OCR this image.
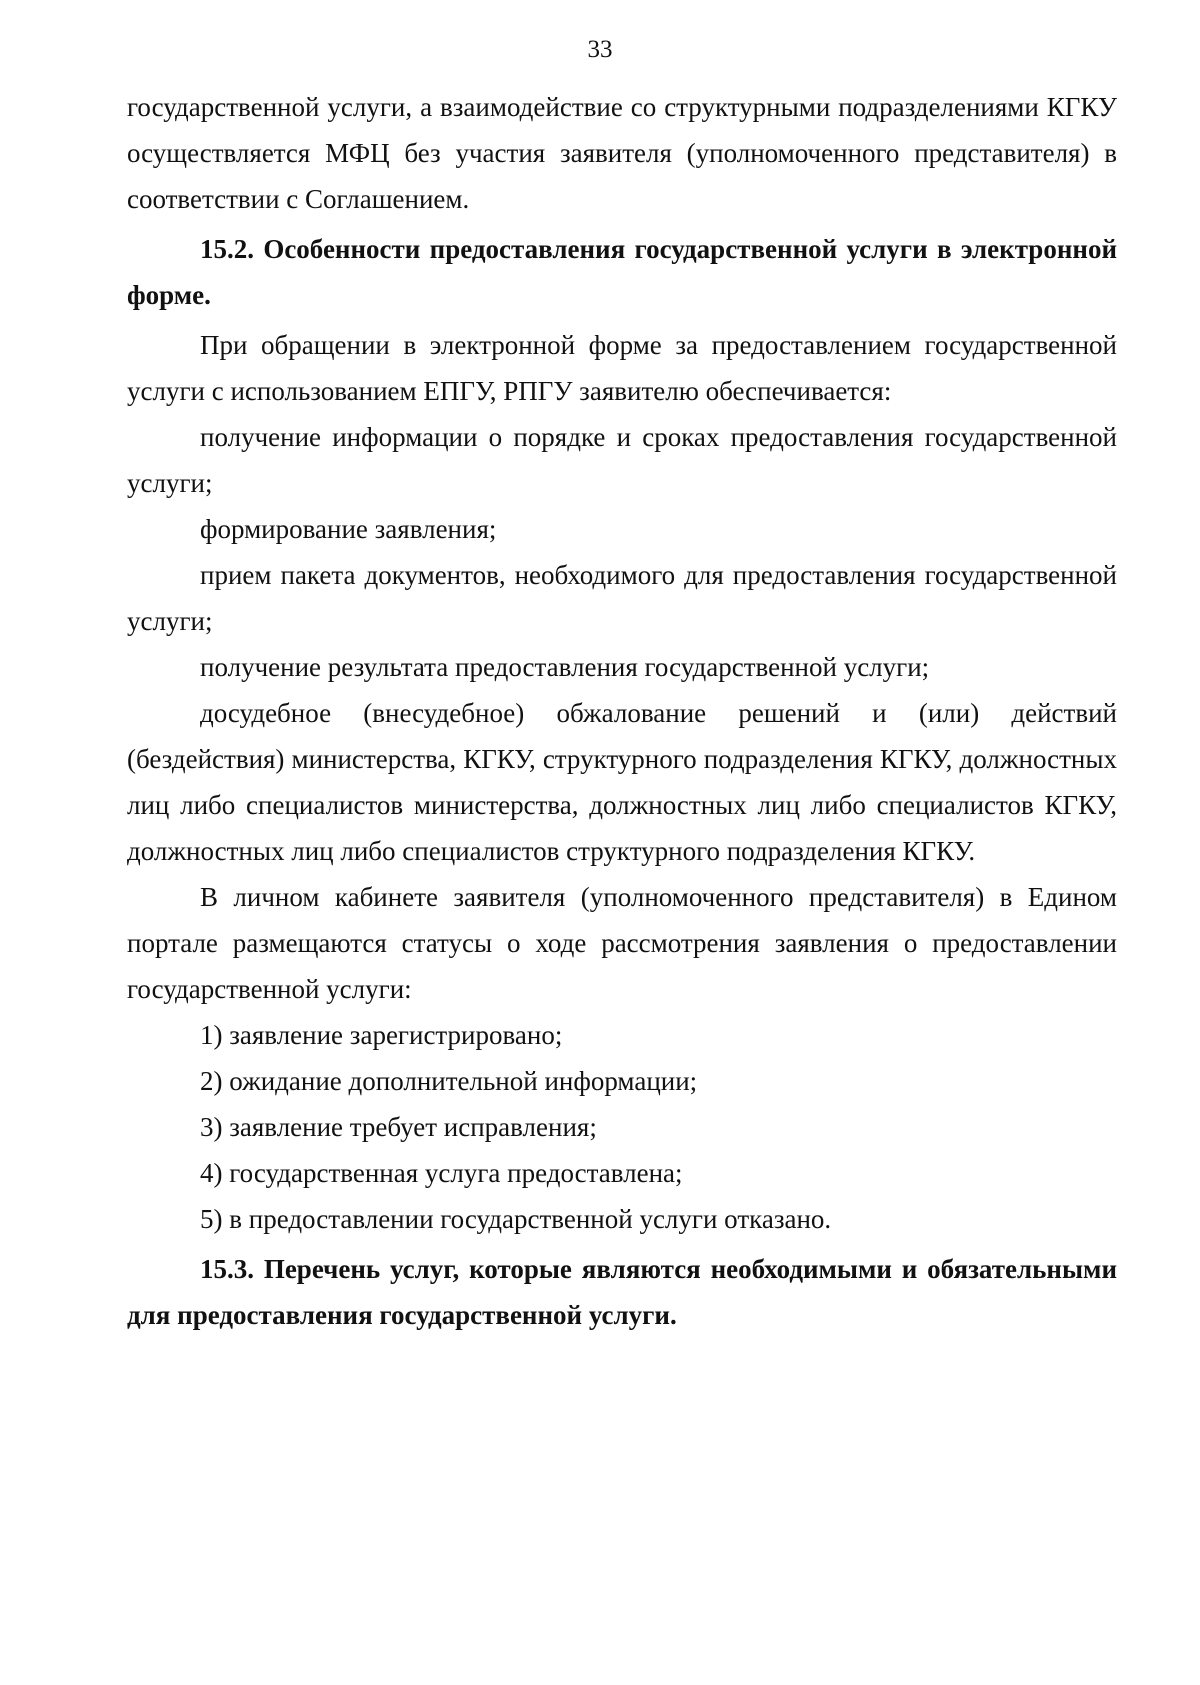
33

государственной услуги, а взаимодействие со структурными подразделениями КГКУ осуществляется МФЦ без участия заявителя (уполномоченного представителя) в соответствии с Соглашением.

15.2. Особенности предоставления государственной услуги в электронной форме.

При обращении в электронной форме за предоставлением государственной услуги с использованием ЕПГУ, РПГУ заявителю обеспечивается:

получение информации о порядке и сроках предоставления государственной услуги;

формирование заявления;

прием пакета документов, необходимого для предоставления государственной услуги;

получение результата предоставления государственной услуги;

досудебное (внесудебное) обжалование решений и (или) действий (бездействия) министерства, КГКУ, структурного подразделения КГКУ, должностных лиц либо специалистов министерства, должностных лиц либо специалистов КГКУ, должностных лиц либо специалистов структурного подразделения КГКУ.

В личном кабинете заявителя (уполномоченного представителя) в Едином портале размещаются статусы о ходе рассмотрения заявления о предоставлении государственной услуги:

1) заявление зарегистрировано;

2) ожидание дополнительной информации;

3) заявление требует исправления;

4) государственная услуга предоставлена;

5) в предоставлении государственной услуги отказано.

15.3. Перечень услуг, которые являются необходимыми и обязательными для предоставления государственной услуги.
